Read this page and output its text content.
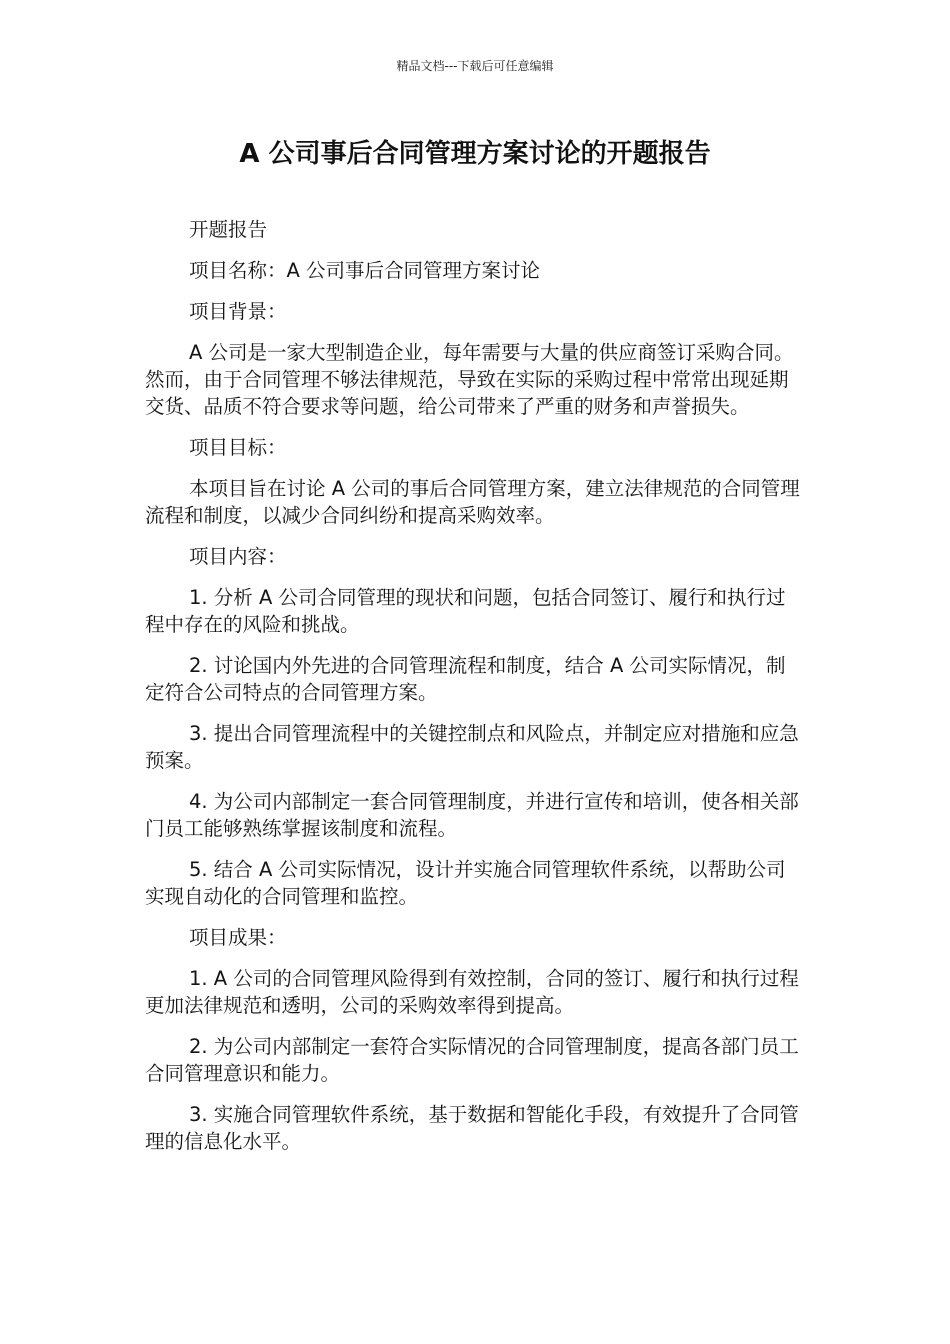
精品文档---下载后可任意编辑
A 公司事后合同管理方案讨论的开题报告

开题报告

项目名称：A 公司事后合同管理方案讨论

项目背景：

A 公司是一家大型制造企业，每年需要与大量的供应商签订采购合同。然而，由于合同管理不够法律规范，导致在实际的采购过程中常常出现延期交货、品质不符合要求等问题，给公司带来了严重的财务和声誉损失。

项目目标：

本项目旨在讨论 A 公司的事后合同管理方案，建立法律规范的合同管理流程和制度，以减少合同纠纷和提高采购效率。

项目内容：

1. 分析 A 公司合同管理的现状和问题，包括合同签订、履行和执行过程中存在的风险和挑战。

2. 讨论国内外先进的合同管理流程和制度，结合 A 公司实际情况，制定符合公司特点的合同管理方案。

3. 提出合同管理流程中的关键控制点和风险点，并制定应对措施和应急预案。

4. 为公司内部制定一套合同管理制度，并进行宣传和培训，使各相关部门员工能够熟练掌握该制度和流程。

5. 结合 A 公司实际情况，设计并实施合同管理软件系统，以帮助公司实现自动化的合同管理和监控。

项目成果：

1. A 公司的合同管理风险得到有效控制，合同的签订、履行和执行过程更加法律规范和透明，公司的采购效率得到提高。

2. 为公司内部制定一套符合实际情况的合同管理制度，提高各部门员工合同管理意识和能力。

3. 实施合同管理软件系统，基于数据和智能化手段，有效提升了合同管理的信息化水平。
